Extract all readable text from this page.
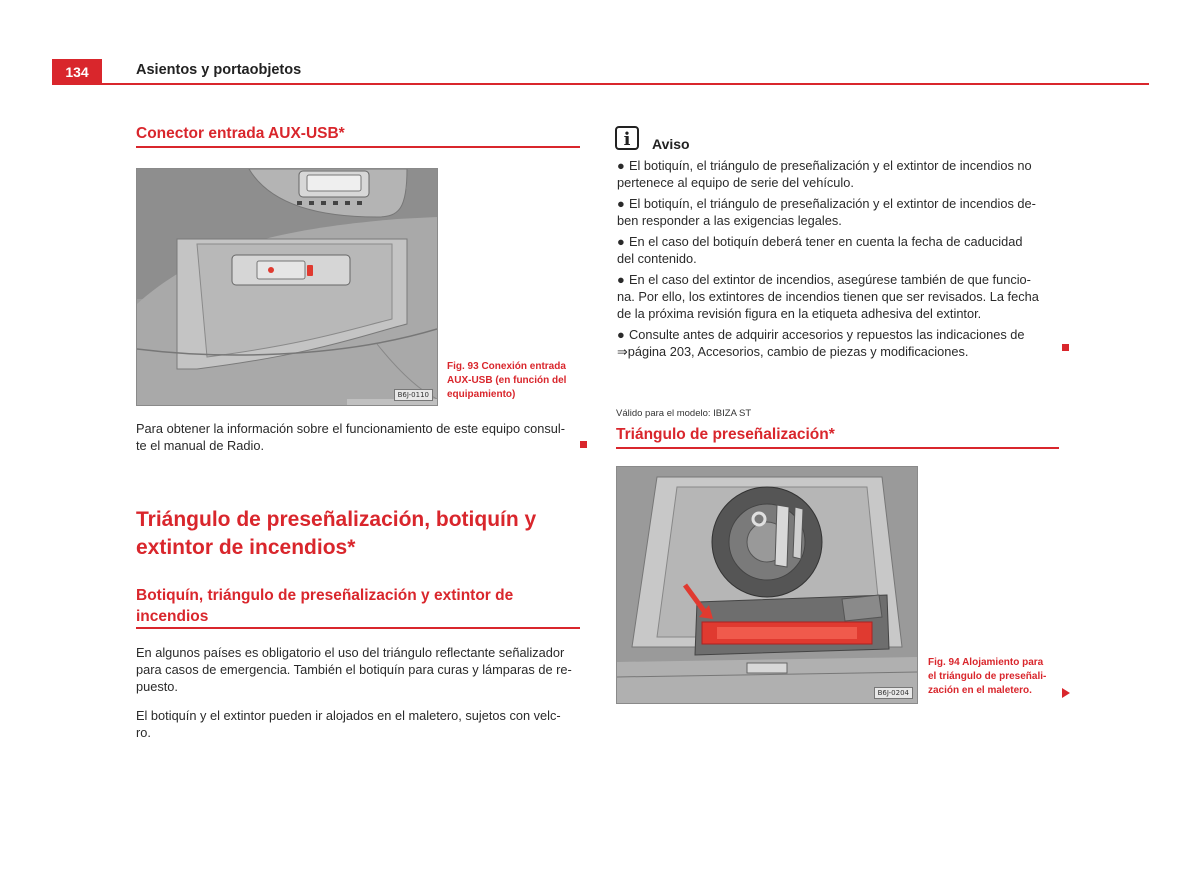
134	Asientos y portaobjetos
Conector entrada AUX-USB*
B6J-0110
Fig. 93 Conexión entrada
AUX-USB (en función del
equipamiento)
Para obtener la información sobre el funcionamiento de este equipo consul-
te el manual de Radio.
Triángulo de preseñalización, botiquín y
extintor de incendios*
Botiquín, triángulo de preseñalización y extintor de
incendios
En algunos países es obligatorio el uso del triángulo reflectante señalizador
para casos de emergencia. También el botiquín para curas y lámparas de re-
puesto.
El botiquín y el extintor pueden ir alojados en el maletero, sujetos con velc-
ro.
i	Aviso
● El botiquín, el triángulo de preseñalización y el extintor de incendios no
pertenece al equipo de serie del vehículo.
● El botiquín, el triángulo de preseñalización y el extintor de incendios de-
ben responder a las exigencias legales.
● En el caso del botiquín deberá tener en cuenta la fecha de caducidad
del contenido.
● En el caso del extintor de incendios, asegúrese también de que funcio-
na. Por ello, los extintores de incendios tienen que ser revisados. La fecha
de la próxima revisión figura en la etiqueta adhesiva del extintor.
● Consulte antes de adquirir accesorios y repuestos las indicaciones de
⇒página 203, Accesorios, cambio de piezas y modificaciones.
Válido para el modelo: IBIZA ST
Triángulo de preseñalización*
B6J-0204
Fig. 94 Alojamiento para
el triángulo de preseñali-
zación en el maletero.
